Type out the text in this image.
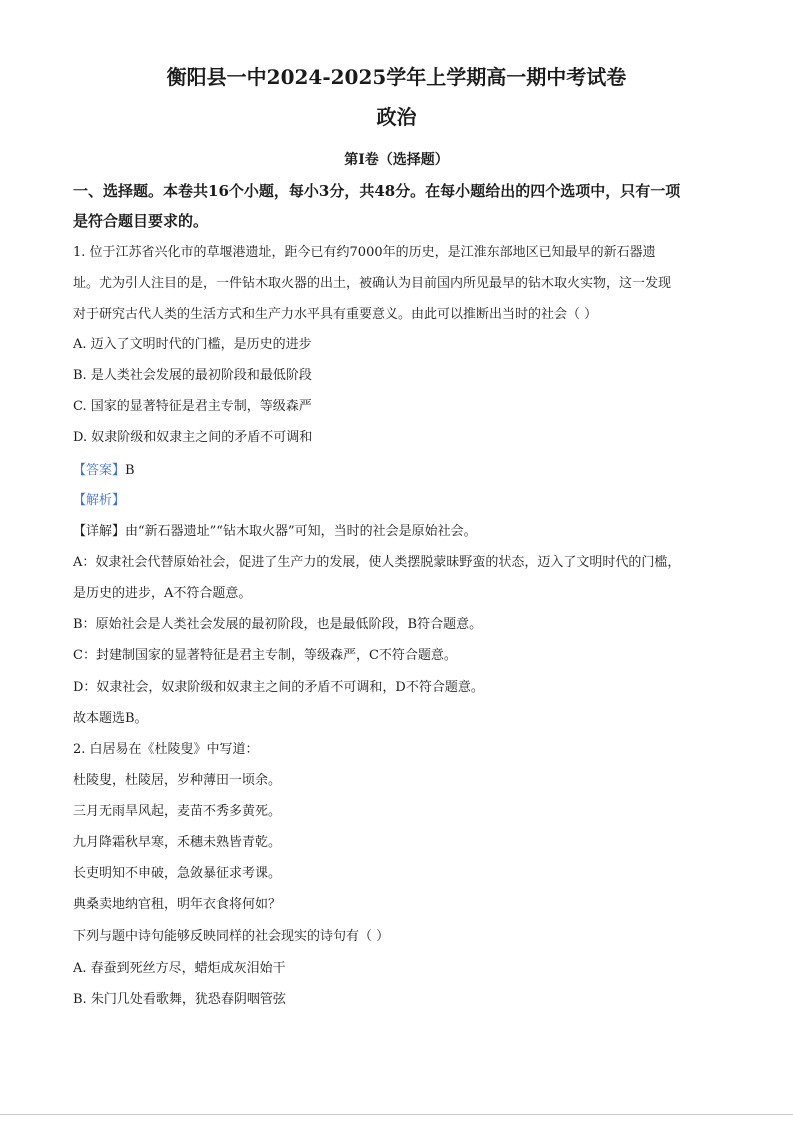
衡阳县一中2024-2025学年上学期高一期中考试卷
政治
第Ⅰ卷（选择题）
一、选择题。本卷共16个小题，每小3分，共48分。在每小题给出的四个选项中，只有一项
是符合题目要求的。
1. 位于江苏省兴化市的草堰港遗址，距今已有约7000年的历史，是江淮东部地区已知最早的新石器遗
址。尤为引人注目的是，一件钻木取火器的出土，被确认为目前国内所见最早的钻木取火实物，这一发现
对于研究古代人类的生活方式和生产力水平具有重要意义。由此可以推断出当时的社会（ ）
A. 迈入了文明时代的门槛，是历史的进步
B. 是人类社会发展的最初阶段和最低阶段
C. 国家的显著特征是君主专制，等级森严
D. 奴隶阶级和奴隶主之间的矛盾不可调和
【答案】B
【解析】
【详解】由“新石器遗址”“钻木取火器”可知，当时的社会是原始社会。
A：奴隶社会代替原始社会，促进了生产力的发展，使人类摆脱蒙昧野蛮的状态，迈入了文明时代的门槛，
是历史的进步，A不符合题意。
B：原始社会是人类社会发展的最初阶段，也是最低阶段，B符合题意。
C：封建制国家的显著特征是君主专制，等级森严，C不符合题意。
D：奴隶社会，奴隶阶级和奴隶主之间的矛盾不可调和，D不符合题意。
故本题选B。
2. 白居易在《杜陵叟》中写道：
杜陵叟，杜陵居，岁种薄田一顷余。
三月无雨旱风起，麦苗不秀多黄死。
九月降霜秋早寒，禾穗未熟皆青乾。
长吏明知不申破，急敛暴征求考课。
典桑卖地纳官租，明年衣食将何如？
下列与题中诗句能够反映同样的社会现实的诗句有（ ）
A. 春蚕到死丝方尽，蜡炬成灰泪始干
B. 朱门几处看歌舞，犹恐春阴咽管弦
